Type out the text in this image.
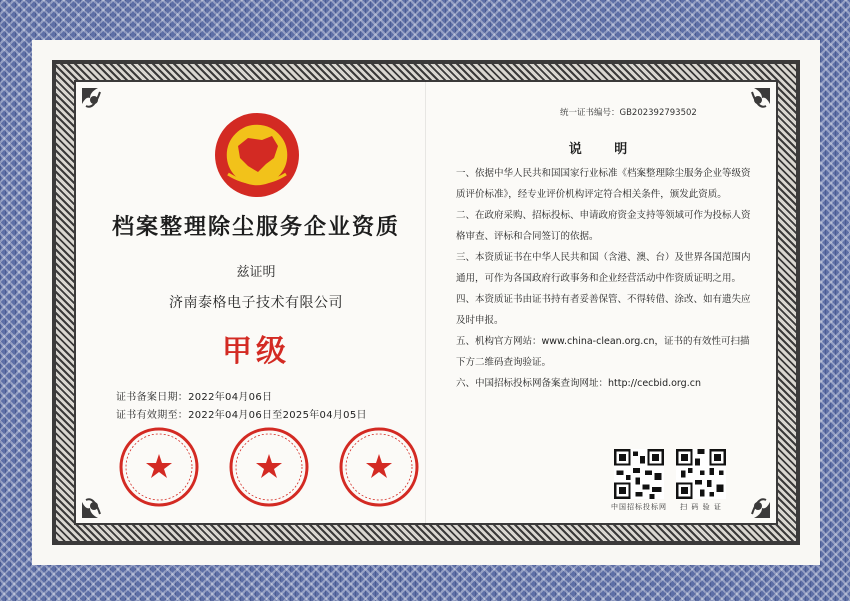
档案整理除尘服务企业资质
兹证明
济南泰格电子技术有限公司
甲级
证书备案日期：2022年04月06日
证书有效期至：2022年04月06日至2025年04月05日
统一证书编号：GB202392793502
说 明

一、依据中华人民共和国国家行业标准《档案整理除尘服务企业等级资质评价标准》，经专业评价机构评定符合相关条件，颁发此资质。

二、在政府采购、招标投标、申请政府资金支持等领域可作为投标人资格审查、评标和合同签订的依据。

三、本资质证书在中华人民共和国（含港、澳、台）及世界各国范围内通用，可作为各国政府行政事务和企业经营活动中作资质证明之用。

四、本资质证书由证书持有者妥善保管、不得转借、涂改、如有遗失应及时申报。

五、机构官方网站：www.china-clean.org.cn，证书的有效性可扫描下方二维码查询验证。

六、中国招标投标网备案查询网址：http://cecbid.org.cn

中国招标投标网	扫 码 验 证
